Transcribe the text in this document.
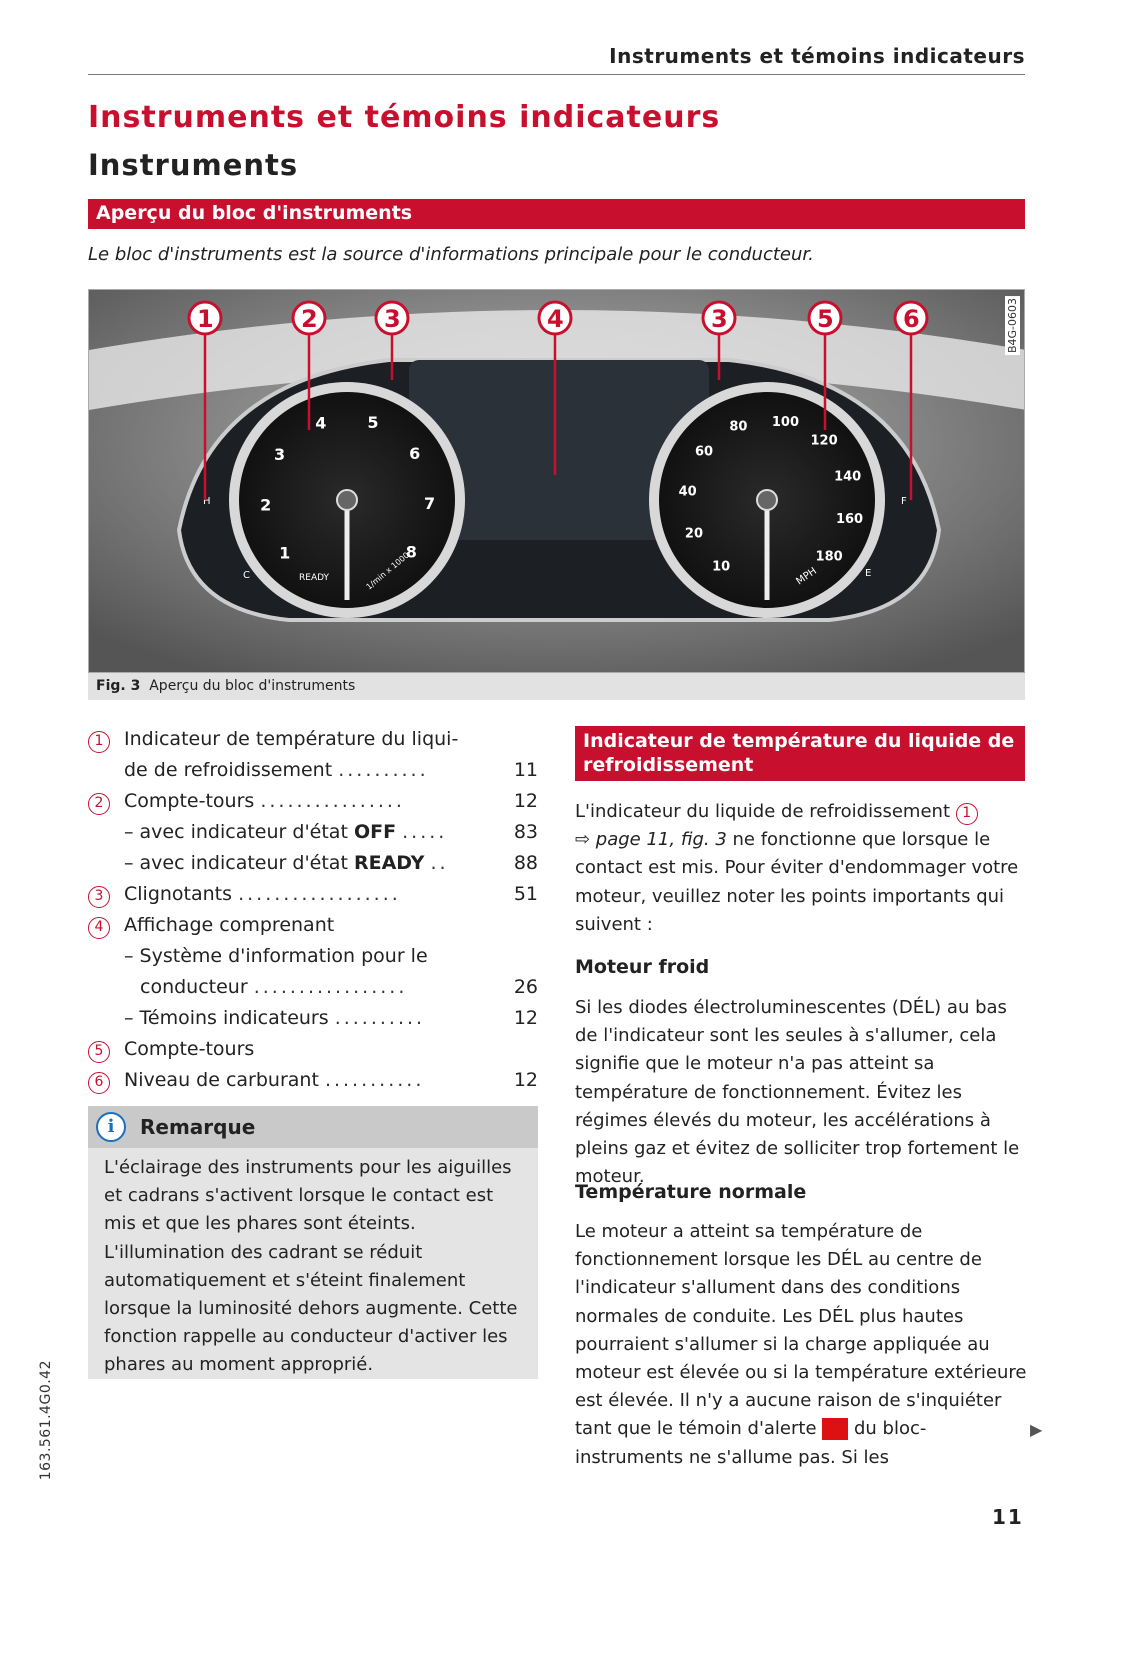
Instruments et témoins indicateurs
Instruments et témoins indicateurs
Instruments
Aperçu du bloc d'instruments
Le bloc d'instruments est la source d'informations principale pour le conducteur.
1
2
3
4	5
6
7
8
10
20
40
60
80 100
120
140
160
180
READY	1/min x 1000	MPH
H
C
F
E
1	2	3	4	3	5	6	B4G-0603
Fig. 3 Aperçu du bloc d'instruments
1	Indicateur de température du liqui-
de de refroidissement ..........	11
2	Compte-tours ................	12
– avec indicateur d'état OFF .....	83
– avec indicateur d'état READY ..	88
3	Clignotants ..................	51
4	Affichage comprenant
– Système d'information pour le
conducteur .................	26
– Témoins indicateurs ..........	12
5	Compte-tours
6	Niveau de carburant ...........	12
i	Remarque
L'éclairage des instruments pour les aiguilles et cadrans s'activent lorsque le contact est mis et que les phares sont éteints. L'illumination des cadrant se réduit automatiquement et s'éteint finalement lorsque la luminosité dehors augmente. Cette fonction rappelle au conducteur d'activer les phares au moment approprié.
Indicateur de température du liquide de refroidissement
L'indicateur du liquide de refroidissement 1
⇨ page 11, fig. 3 ne fonctionne que lorsque le contact est mis. Pour éviter d'endommager votre moteur, veuillez noter les points importants qui suivent :
Moteur froid
Si les diodes électroluminescentes (DÉL) au bas de l'indicateur sont les seules à s'allumer, cela signifie que le moteur n'a pas atteint sa température de fonctionnement. Évitez les régimes élevés du moteur, les accélérations à pleins gaz et évitez de solliciter trop fortement le moteur.
Température normale
Le moteur a atteint sa température de fonctionnement lorsque les DÉL au centre de l'indicateur s'allument dans des conditions normales de conduite. Les DÉL plus hautes pourraient s'allumer si la charge appliquée au moteur est élevée ou si la température extérieure est élevée. Il n'y a aucune raison de s'inquiéter tant que le témoin d'alerte  du bloc-instruments ne s'allume pas. Si les
▶
163.561.4G0.42
11
